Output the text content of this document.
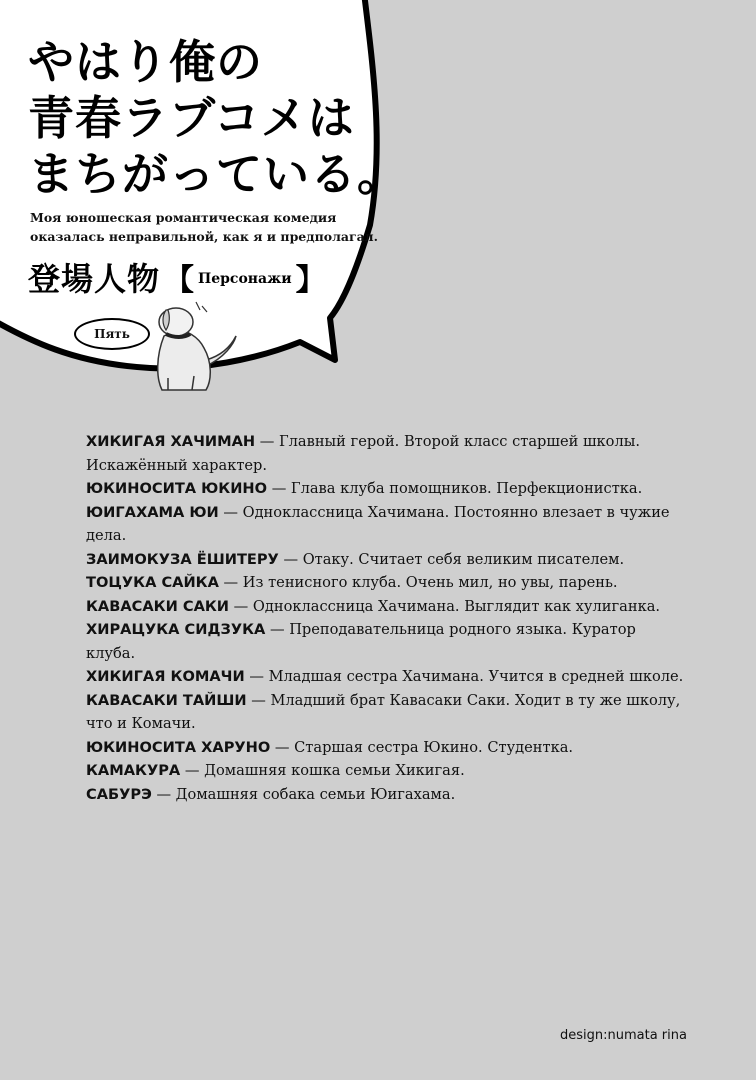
やはり俺の
青春ラブコメは
まちがっている。
Моя юношеская романтическая комедия
оказалась неправильной, как я и предполагал.
登場人物 【 Персонажи 】
Пять
ХИКИГАЯ ХАЧИМАН — Главный герой. Второй класс старшей школы. Искажённый характер.
ЮКИНОСИТА ЮКИНО — Глава клуба помощников. Перфекционистка.
ЮИГАХАМА ЮИ — Одноклассница Хачимана. Постоянно влезает в чужие дела.
ЗАИМОКУЗА ЁШИТЕРУ — Отаку. Считает себя великим писателем.
ТОЦУКА САЙКА — Из тенисного клуба. Очень мил, но увы, парень.
КАВАСАКИ САКИ — Одноклассница Хачимана. Выглядит как хулиганка.
ХИРАЦУКА СИДЗУКА — Преподавательница родного языка. Куратор клуба.
ХИКИГАЯ КОМАЧИ — Младшая сестра Хачимана. Учится в средней школе.
КАВАСАКИ ТАЙШИ — Младший брат Кавасаки Саки. Ходит в ту же школу, что и Комачи.
ЮКИНОСИТА ХАРУНО — Старшая сестра Юкино. Студентка.
КАМАКУРА — Домашняя кошка семьи Хикигая.
САБУРЭ — Домашняя собака семьи Юигахама.
design:numata rina
